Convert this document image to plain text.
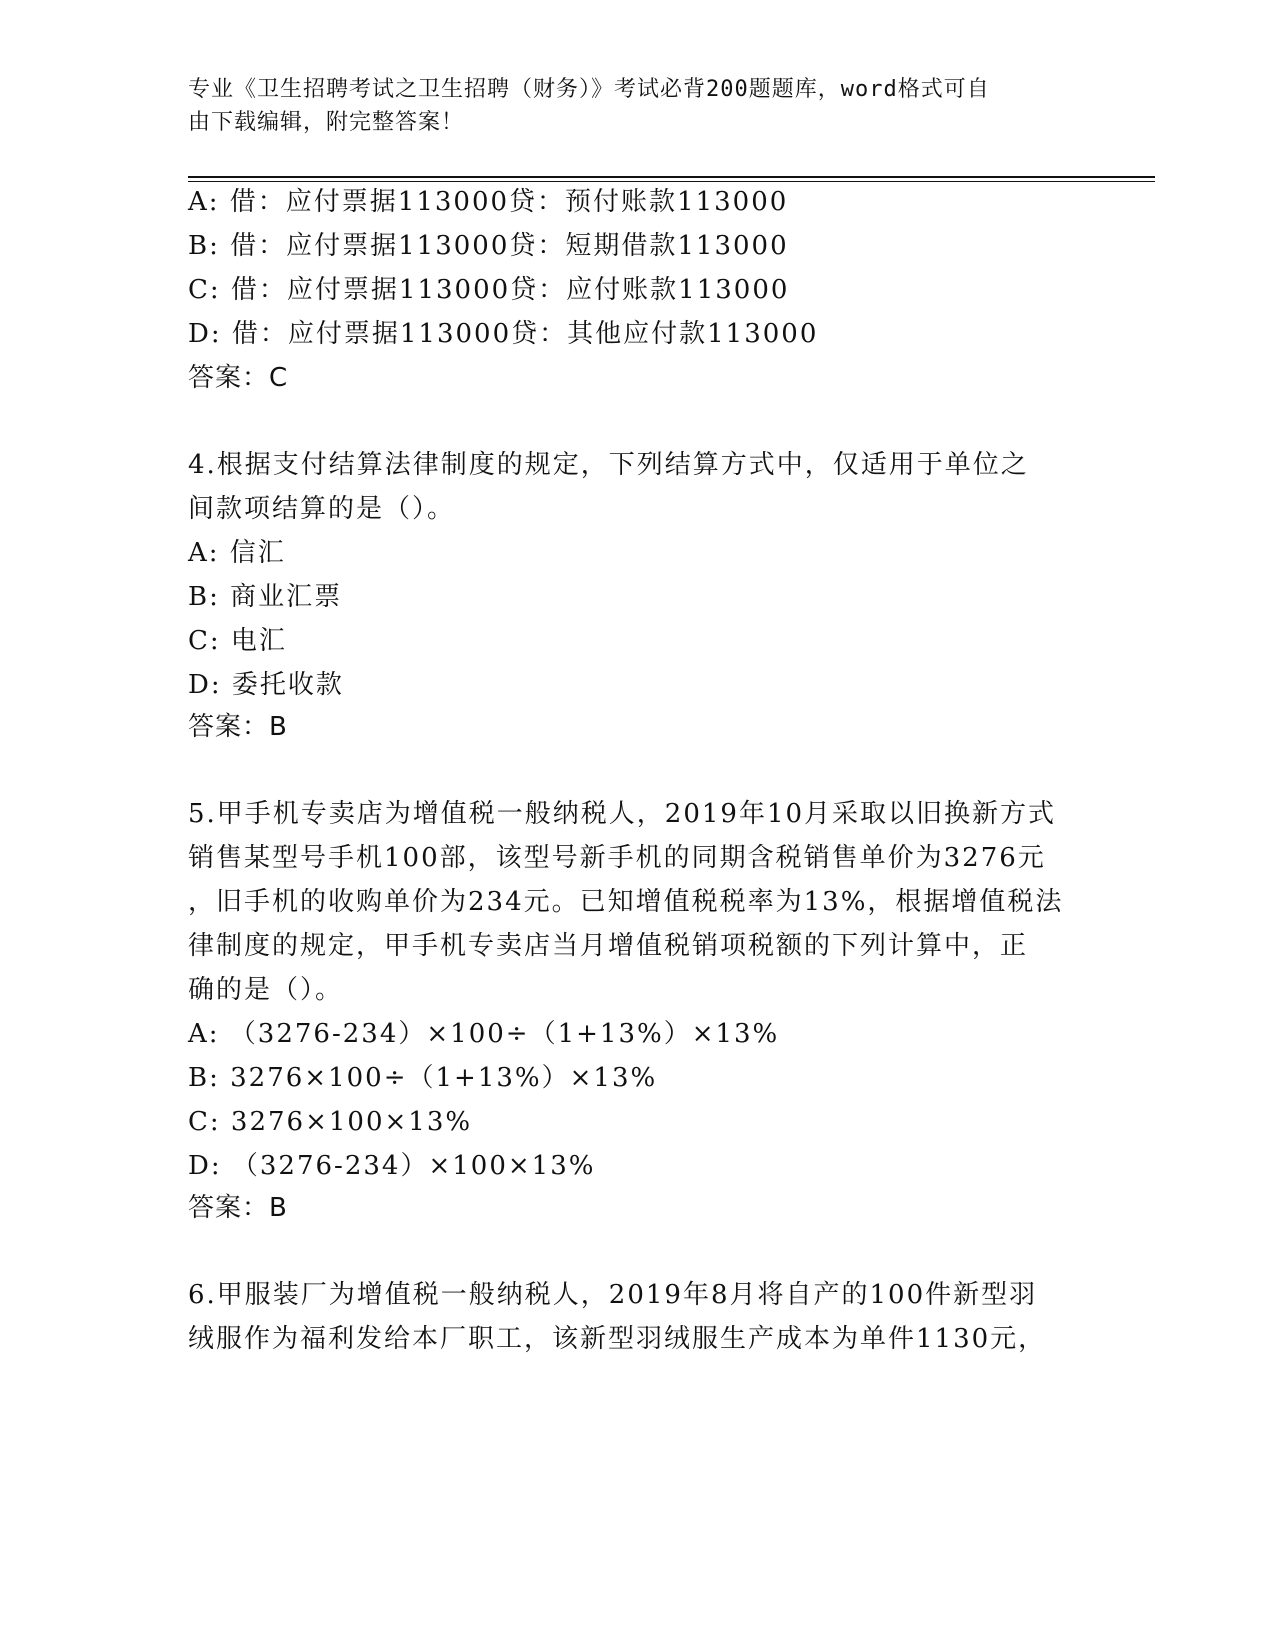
专业《卫生招聘考试之卫生招聘（财务）》考试必背200题题库，word格式可自
由下载编辑，附完整答案！
A: 借：应付票据113000贷：预付账款113000
B: 借：应付票据113000贷：短期借款113000
C: 借：应付票据113000贷：应付账款113000
D: 借：应付票据113000贷：其他应付款113000
答案：C
4.根据支付结算法律制度的规定，下列结算方式中，仅适用于单位之
间款项结算的是（）。
A: 信汇
B: 商业汇票
C: 电汇
D: 委托收款
答案：B
5.甲手机专卖店为增值税一般纳税人，2019年10月采取以旧换新方式
销售某型号手机100部，该型号新手机的同期含税销售单价为3276元
，旧手机的收购单价为234元。已知增值税税率为13%，根据增值税法
律制度的规定，甲手机专卖店当月增值税销项税额的下列计算中，正
确的是（）。
A: （3276-234）×100÷（1+13%）×13%
B: 3276×100÷（1+13%）×13%
C: 3276×100×13%
D: （3276-234）×100×13%
答案：B
6.甲服装厂为增值税一般纳税人，2019年8月将自产的100件新型羽
绒服作为福利发给本厂职工，该新型羽绒服生产成本为单件1130元，
